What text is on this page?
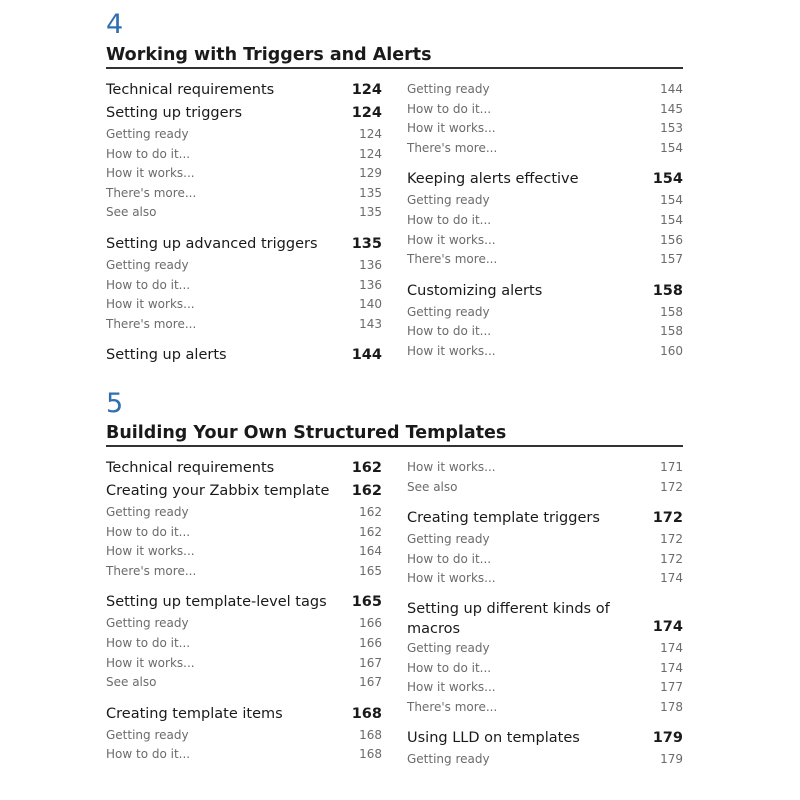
4
Working with Triggers and Alerts
Technical requirements	124
Setting up triggers	124
Getting ready	124
How to do it...	124
How it works...	129
There's more...	135
See also	135
Setting up advanced triggers 135
Getting ready	136
How to do it...	136
How it works...	140
There's more...	143
Setting up alerts	144
Getting ready	144
How to do it...	145
How it works...	153
There's more...	154
Keeping alerts effective	154
Getting ready	154
How to do it...	154
How it works...	156
There's more...	157
Customizing alerts	158
Getting ready	158
How to do it...	158
How it works...	160
5
Building Your Own Structured Templates
Technical requirements	162
Creating your Zabbix template 162
Getting ready	162
How to do it...	162
How it works...	164
There's more...	165
Setting up template-level tags 165
Getting ready	166
How to do it...	166
How it works...	167
See also	167
Creating template items	168
Getting ready	168
How to do it...	168
How it works...	171
See also	172
Creating template triggers	172
Getting ready	172
How to do it...	172
How it works...	174
Setting up different kinds of macros	174
Getting ready	174
How to do it...	174
How it works...	177
There's more...	178
Using LLD on templates	179
Getting ready	179
